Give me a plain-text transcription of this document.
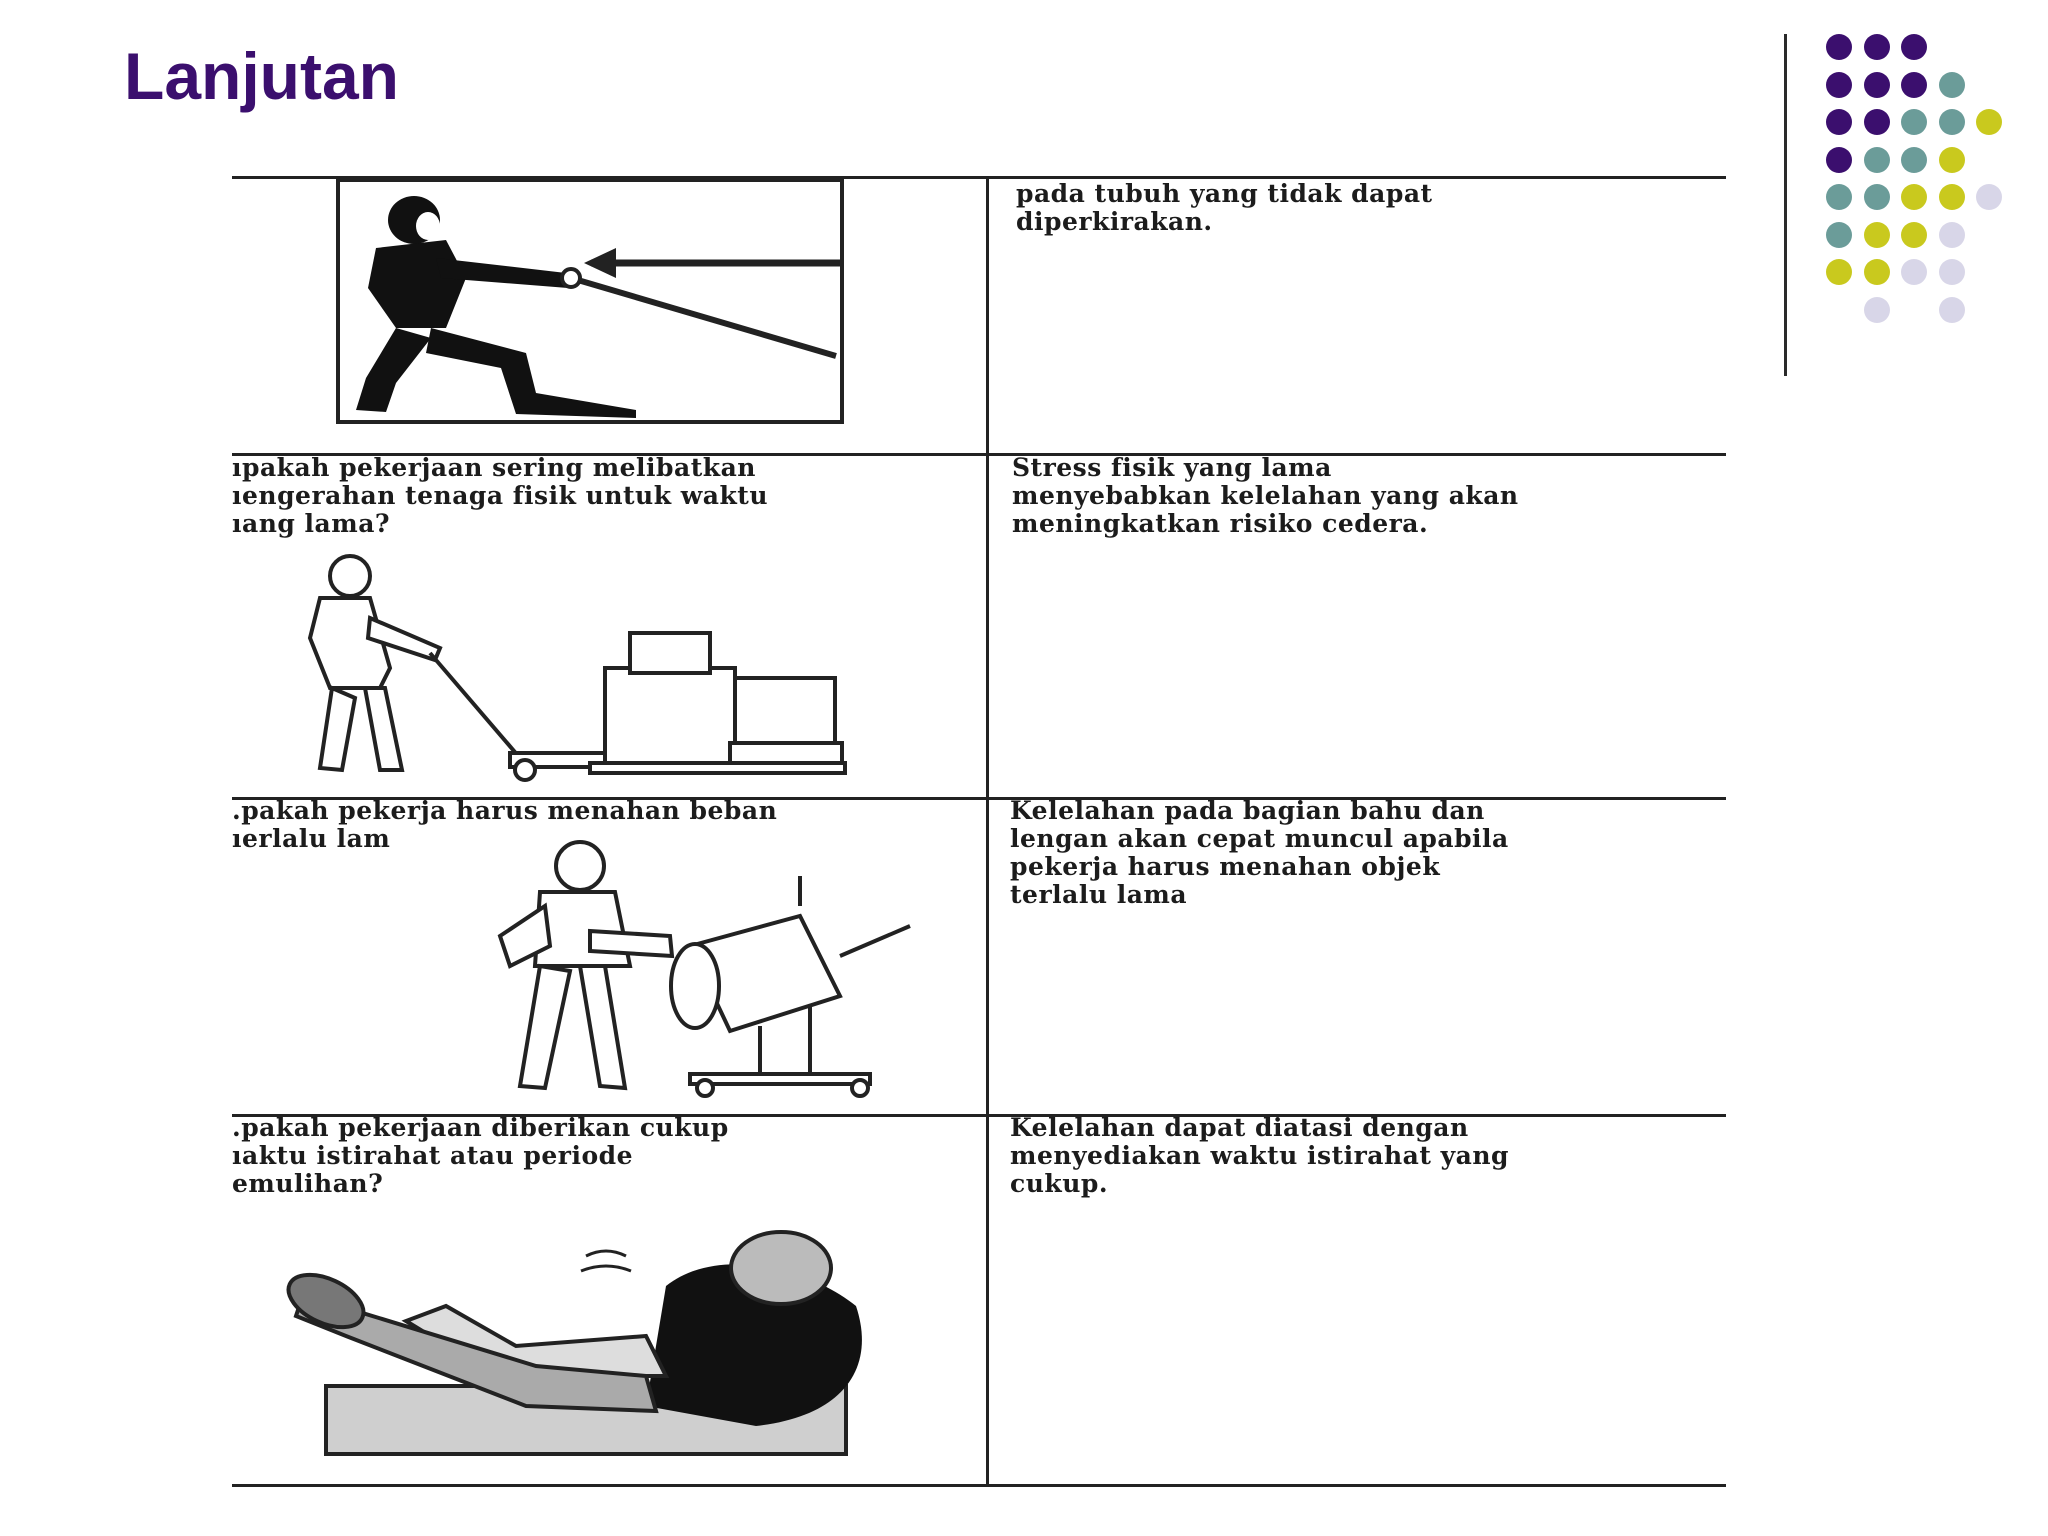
Lanjutan
pada tubuh yang tidak dapat
diperkirakan.
ıpakah pekerjaan sering melibatkan
ıengerahan tenaga fisik untuk waktu
ıang lama?
Stress fisik yang lama
menyebabkan kelelahan yang akan
meningkatkan risiko cedera.
.pakah pekerja harus menahan beban
ıerlalu lam
Kelelahan pada bagian bahu dan
lengan akan cepat muncul apabila
pekerja harus menahan objek
terlalu lama
.pakah pekerjaan diberikan cukup
ıaktu istirahat atau periode
emulihan?
Kelelahan dapat diatasi dengan
menyediakan waktu istirahat yang
cukup.
